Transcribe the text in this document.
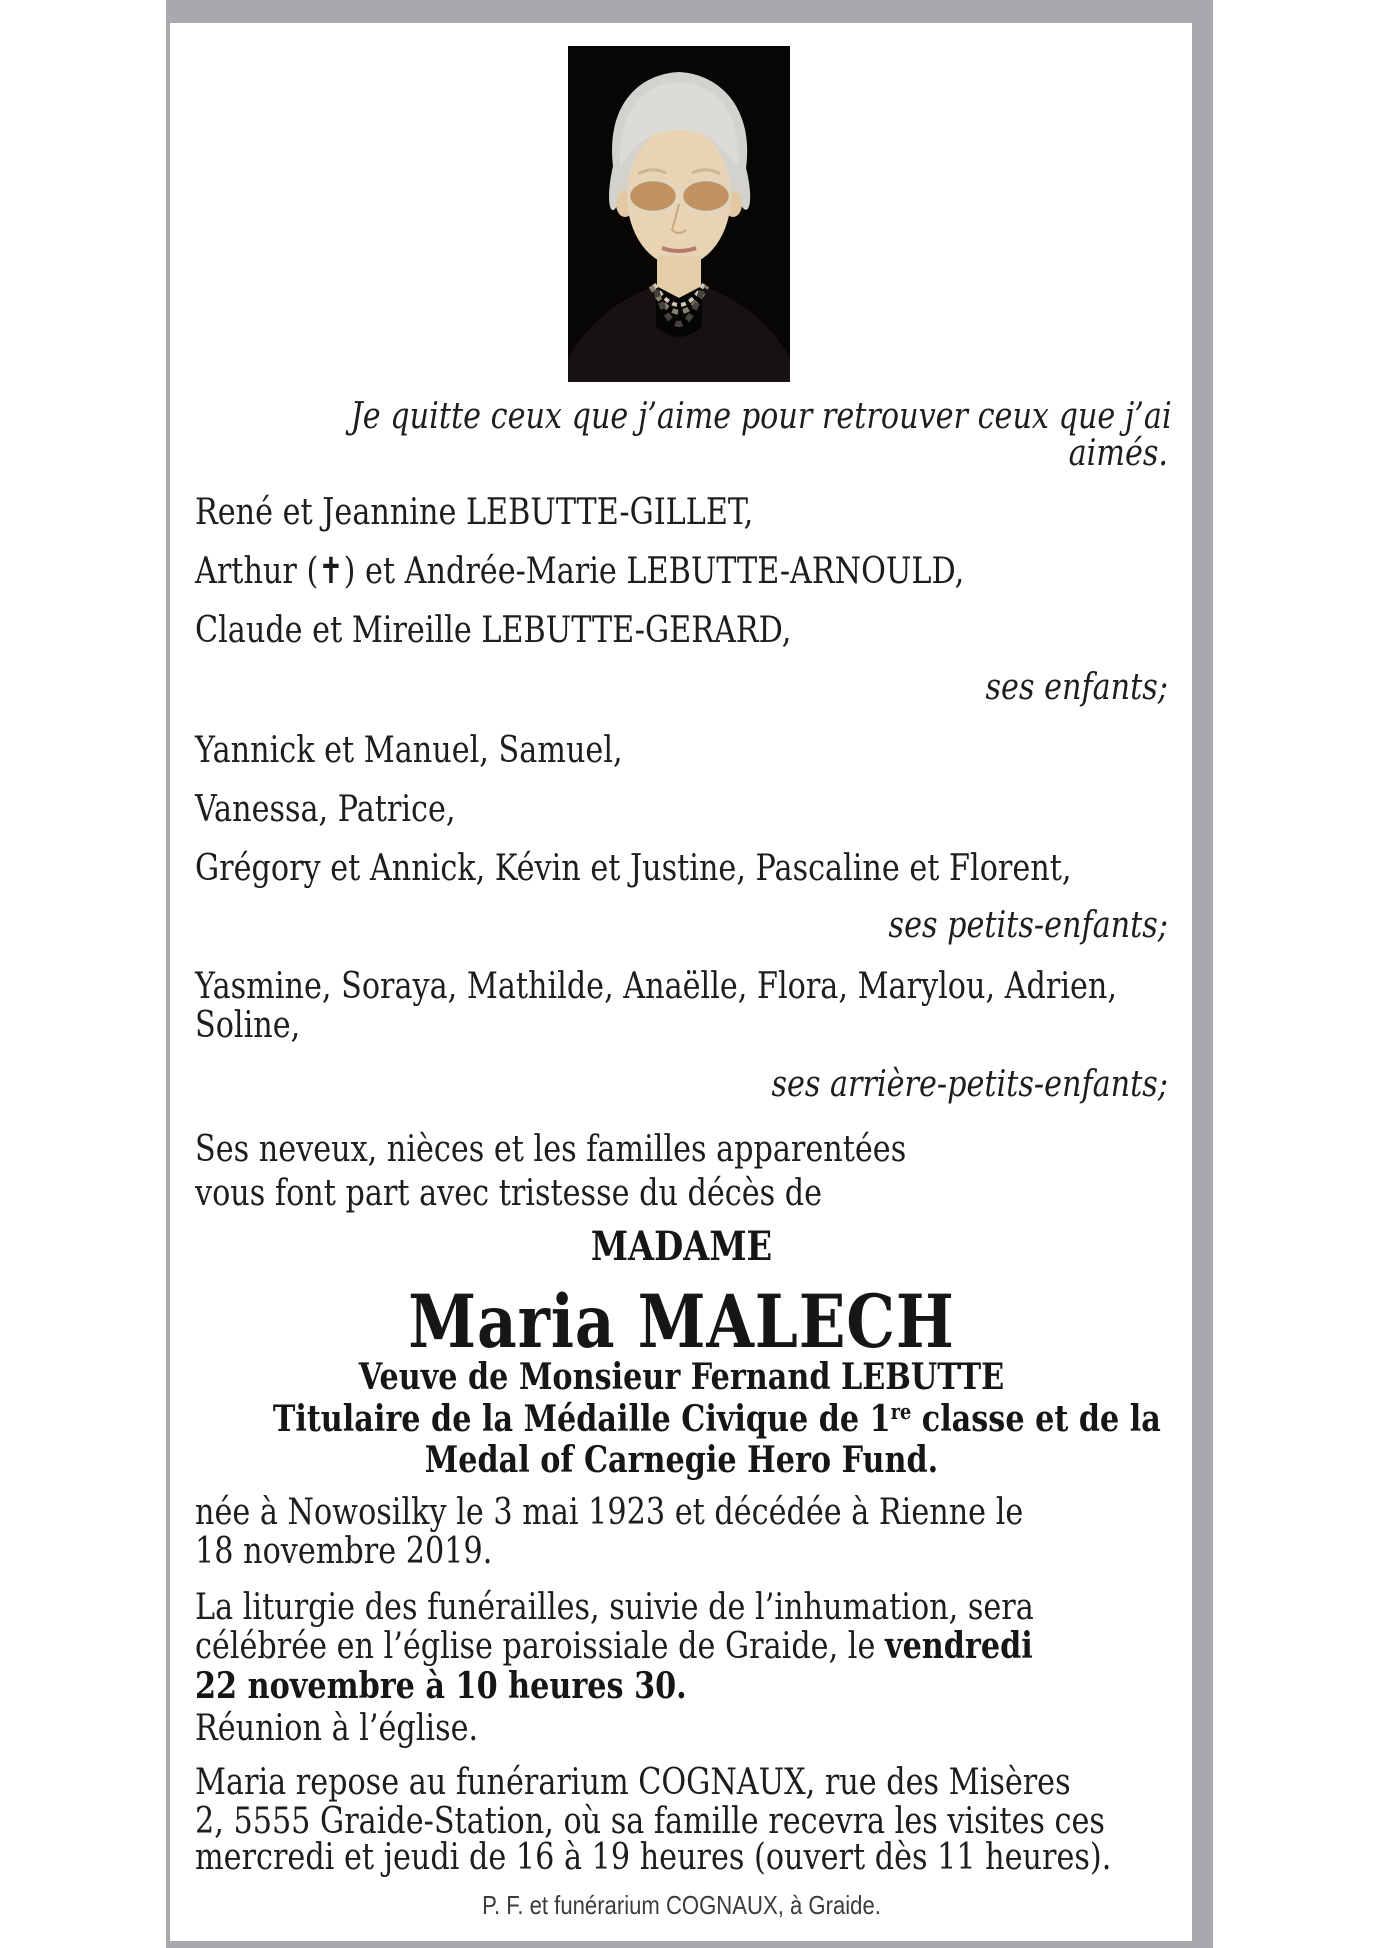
Je quitte ceux que j’aime pour retrouver ceux que j’ai
aimés.
René et Jeannine LEBUTTE-GILLET,
Arthur (✝) et Andrée-Marie LEBUTTE-ARNOULD,
Claude et Mireille LEBUTTE-GERARD,
ses enfants;
Yannick et Manuel, Samuel,
Vanessa, Patrice,
Grégory et Annick, Kévin et Justine, Pascaline et Florent,
ses petits-enfants;
Yasmine, Soraya, Mathilde, Anaëlle, Flora, Marylou, Adrien,
Soline,
ses arrière-petits-enfants;
Ses neveux, nièces et les familles apparentées
vous font part avec tristesse du décès de
MADAME
Maria MALECH
Veuve de Monsieur Fernand LEBUTTE
Titulaire de la Médaille Civique de 1re classe et de la
Medal of Carnegie Hero Fund.
née à Nowosilky le 3 mai 1923 et décédée à Rienne le
18 novembre 2019.
La liturgie des funérailles, suivie de l’inhumation, sera
célébrée en l’église paroissiale de Graide, le vendredi
22 novembre à 10 heures 30.
Réunion à l’église.
Maria repose au funérarium COGNAUX, rue des Misères
2, 5555 Graide-Station, où sa famille recevra les visites ces
mercredi et jeudi de 16 à 19 heures (ouvert dès 11 heures).
P. F. et funérarium COGNAUX, à Graide.
